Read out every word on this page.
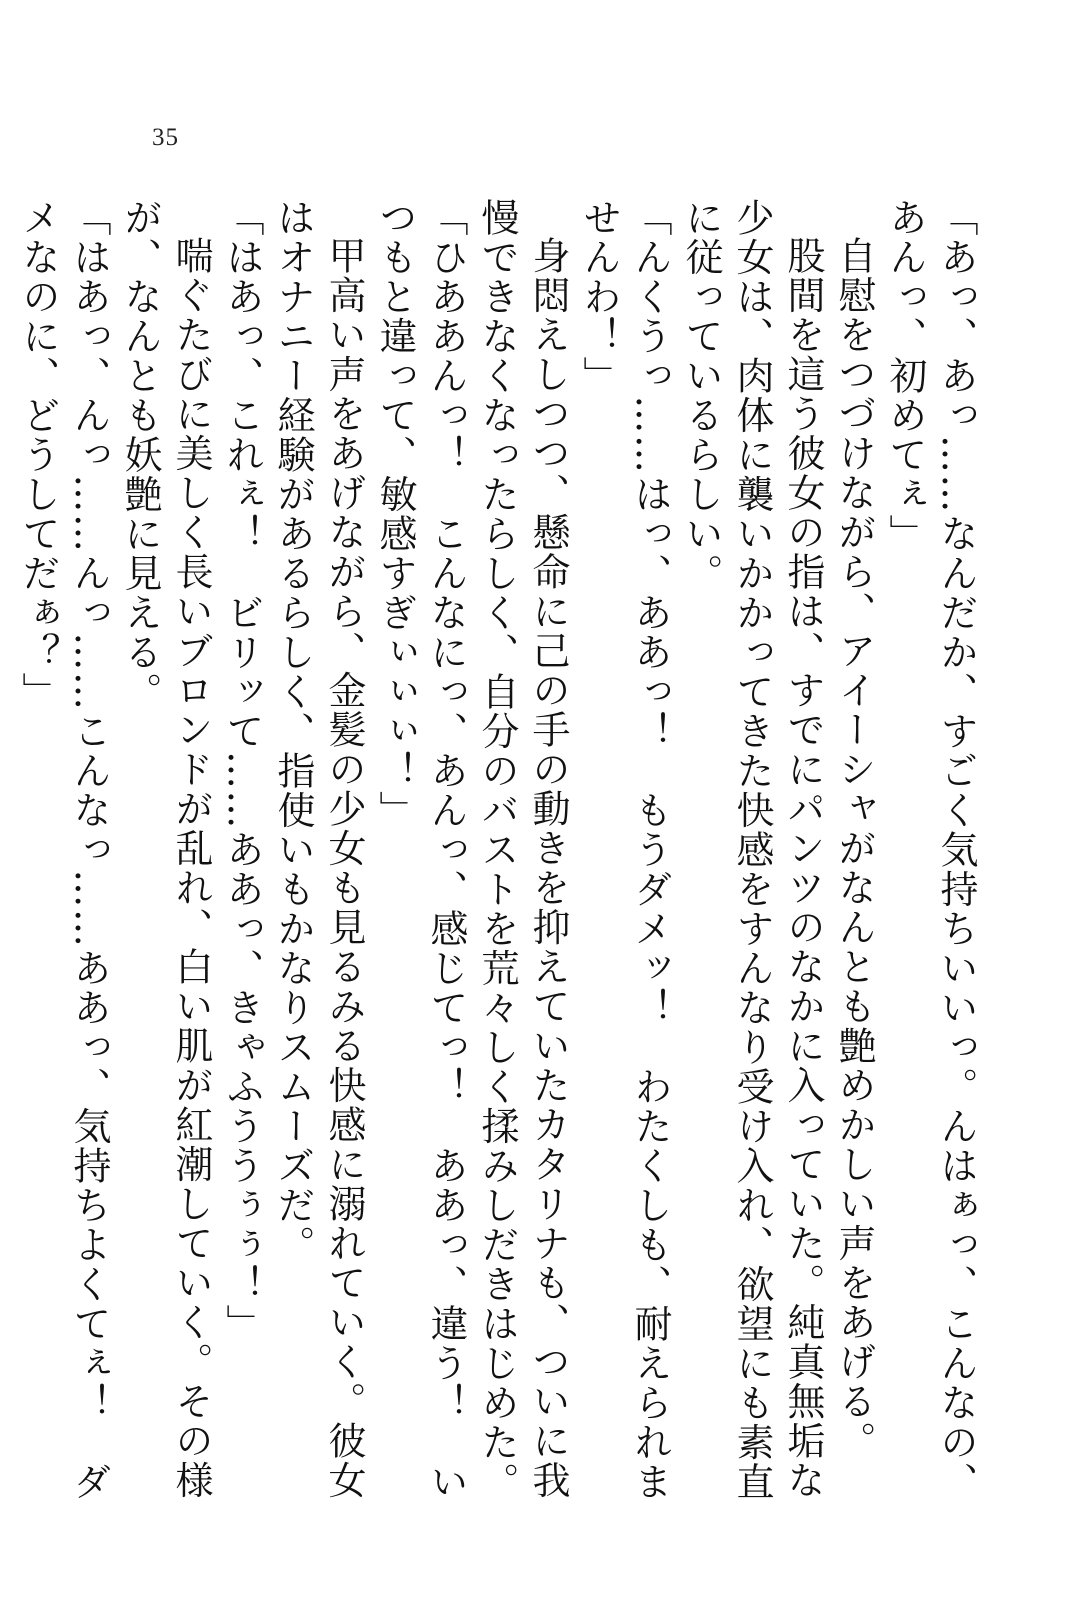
35

「あっ、あっ……なんだか、すごく気持ちいいっ。んはぁっ、こんなの、あんっ、初めてぇ」

自慰をつづけながら、アイーシャがなんとも艶めかしい声をあげる。

股間を這う彼女の指は、すでにパンツのなかに入っていた。純真無垢な少女は、肉体に襲いかかってきた快感をすんなり受け入れ、欲望にも素直に従っているらしい。

「んくうっ……はっ、ああっ！　もうダメッ！　わたくしも、耐えられませんわ！」

身悶えしつつ、懸命に己の手の動きを抑えていたカタリナも、ついに我慢できなくなったらしく、自分のバストを荒々しく揉みしだきはじめた。

「ひああんっ！　こんなにっ、あんっ、感じてっ！　ああっ、違う！　いつもと違って、敏感すぎぃぃぃ！」

甲高い声をあげながら、金髪の少女も見るみる快感に溺れていく。彼女はオナニー経験があるらしく、指使いもかなりスムーズだ。

「はあっ、これぇ！　ビリッて……ああっ、きゃふううぅぅ！」

喘ぐたびに美しく長いブロンドが乱れ、白い肌が紅潮していく。その様が、なんとも妖艶に見える。

「はあっ、んっ……んっ……こんなっ……ああっ、気持ちよくてぇ！　ダメなのに、どうしてだぁ？」
